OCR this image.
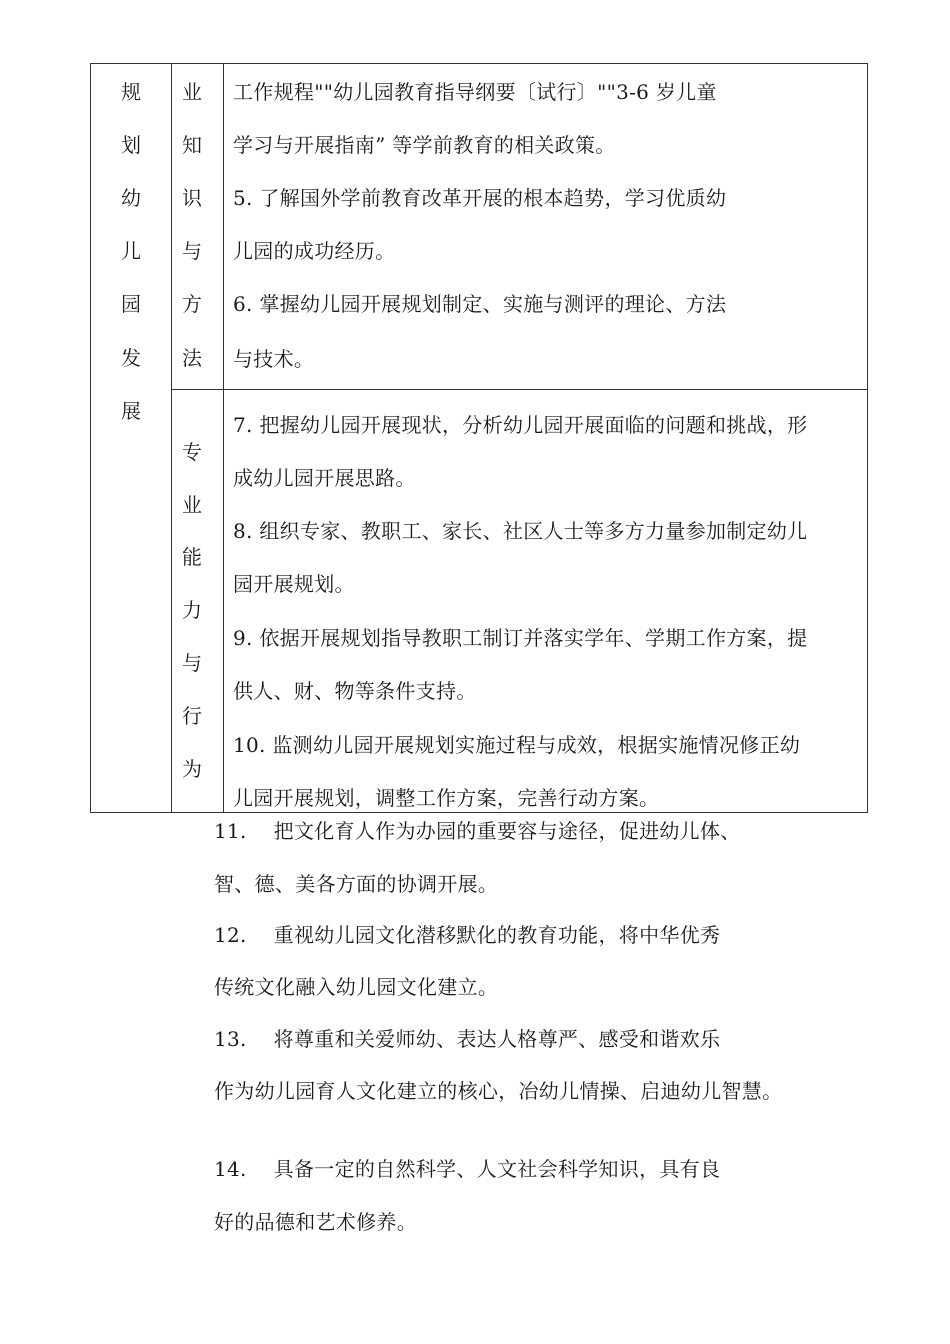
规
划
幼
儿
园
发
展
业
知
识
与
方
法
专
业
能
力
与
行
为
工作规程""幼儿园教育指导纲要〔试行〕""3-6 岁儿童
学习与开展指南” 等学前教育的相关政策。
5. 了解国外学前教育改革开展的根本趋势，学习优质幼
儿园的成功经历。
6. 掌握幼儿园开展规划制定、实施与测评的理论、方法
与技术。
7. 把握幼儿园开展现状，分析幼儿园开展面临的问题和挑战，形
成幼儿园开展思路。
8. 组织专家、教职工、家长、社区人士等多方力量参加制定幼儿
园开展规划。
9. 依据开展规划指导教职工制订并落实学年、学期工作方案，提
供人、财、物等条件支持。
10. 监测幼儿园开展规划实施过程与成效，根据实施情况修正幼
儿园开展规划，调整工作方案，完善行动方案。
11.　 把文化育人作为办园的重要容与途径，促进幼儿体、
智、德、美各方面的协调开展。
12.　 重视幼儿园文化潜移默化的教育功能，将中华优秀
传统文化融入幼儿园文化建立。
13.　 将尊重和关爱师幼、表达人格尊严、感受和谐欢乐
作为幼儿园育人文化建立的核心，冶幼儿情操、启迪幼儿智慧。
14.　 具备一定的自然科学、人文社会科学知识，具有良
好的品德和艺术修养。
